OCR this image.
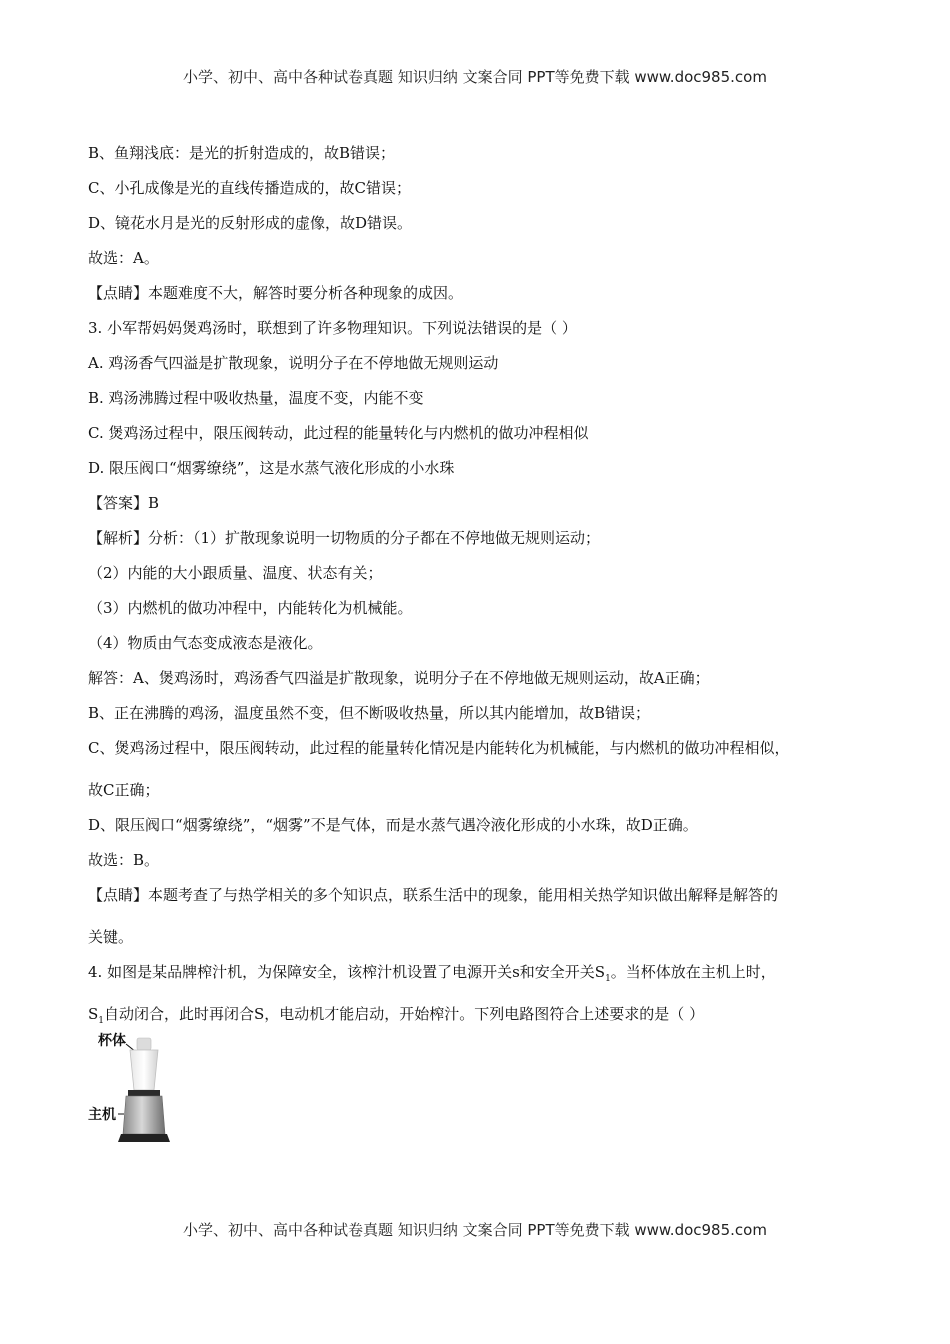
小学、初中、高中各种试卷真题 知识归纳 文案合同 PPT等免费下载 www.doc985.com
B、鱼翔浅底：是光的折射造成的，故B错误；
C、小孔成像是光的直线传播造成的，故C错误；
D、镜花水月是光的反射形成的虚像，故D错误。
故选：A。
【点睛】本题难度不大，解答时要分析各种现象的成因。
3. 小军帮妈妈煲鸡汤时，联想到了许多物理知识。下列说法错误的是（ ）
A. 鸡汤香气四溢是扩散现象，说明分子在不停地做无规则运动
B. 鸡汤沸腾过程中吸收热量，温度不变，内能不变
C. 煲鸡汤过程中，限压阀转动，此过程的能量转化与内燃机的做功冲程相似
D. 限压阀口“烟雾缭绕”，这是水蒸气液化形成的小水珠
【答案】B
【解析】分析：（1）扩散现象说明一切物质的分子都在不停地做无规则运动；
（2）内能的大小跟质量、温度、状态有关；
（3）内燃机的做功冲程中，内能转化为机械能。
（4）物质由气态变成液态是液化。
解答：A、煲鸡汤时，鸡汤香气四溢是扩散现象，说明分子在不停地做无规则运动，故A正确；
B、正在沸腾的鸡汤，温度虽然不变，但不断吸收热量，所以其内能增加，故B错误；
C、煲鸡汤过程中，限压阀转动，此过程的能量转化情况是内能转化为机械能，与内燃机的做功冲程相似，
故C正确；
D、限压阀口“烟雾缭绕”，“烟雾”不是气体，而是水蒸气遇冷液化形成的小水珠，故D正确。
故选：B。
【点睛】本题考查了与热学相关的多个知识点，联系生活中的现象，能用相关热学知识做出解释是解答的
关键。
4. 如图是某品牌榨汁机，为保障安全，该榨汁机设置了电源开关s和安全开关$S_1$。当杯体放在主机上时，
$S_1$自动闭合，此时再闭合S，电动机才能启动，开始榨汁。下列电路图符合上述要求的是（ ）
杯体
主机
小学、初中、高中各种试卷真题 知识归纳 文案合同 PPT等免费下载 www.doc985.com
